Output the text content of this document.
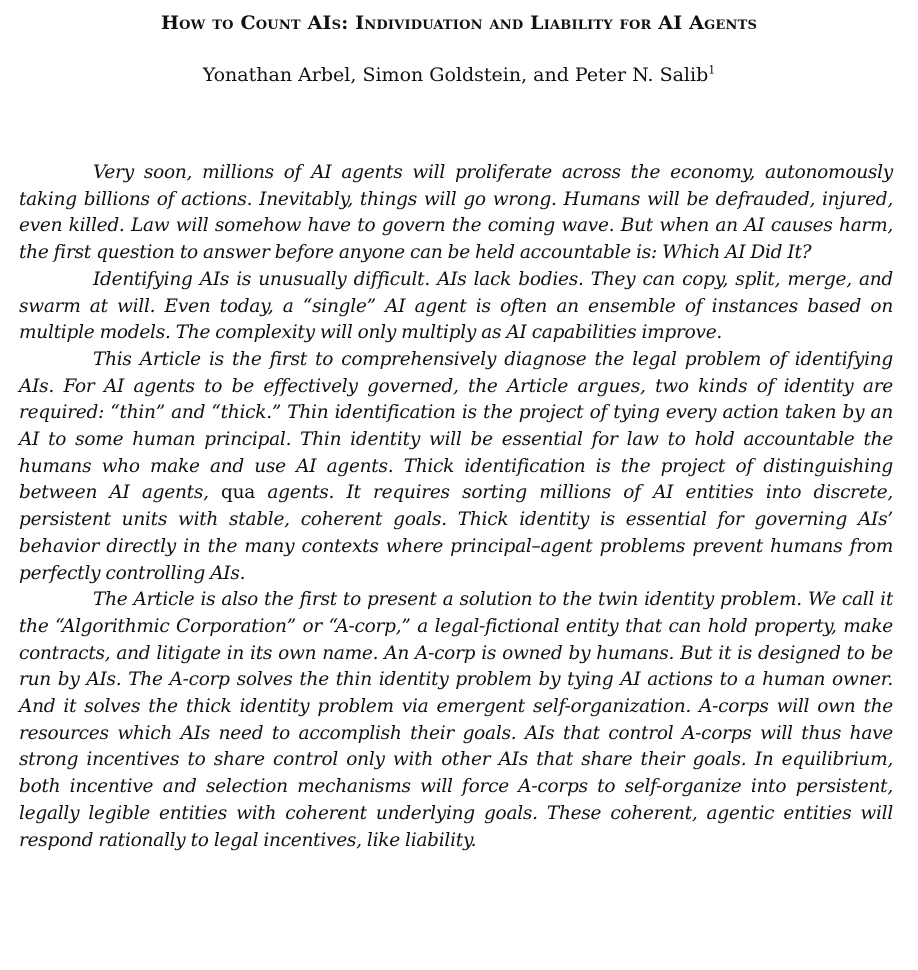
How to Count AIs: Individuation and Liability for AI Agents
Yonathan Arbel, Simon Goldstein, and Peter N. Salib$^1$

Very soon, millions of AI agents will proliferate across the economy, autonomously taking billions of actions. Inevitably, things will go wrong. Humans will be defrauded, injured, even killed. Law will somehow have to govern the coming wave. But when an AI causes harm, the first question to answer before anyone can be held accountable is: Which AI Did It?

Identifying AIs is unusually difficult. AIs lack bodies. They can copy, split, merge, and swarm at will. Even today, a “single” AI agent is often an ensemble of instances based on multiple models. The complexity will only multiply as AI capabilities improve.

This Article is the first to comprehensively diagnose the legal problem of identifying AIs. For AI agents to be effectively governed, the Article argues, two kinds of identity are required: “thin” and “thick.” Thin identification is the project of tying every action taken by an AI to some human principal. Thin identity will be essential for law to hold accountable the humans who make and use AI agents. Thick identification is the project of distinguishing between AI agents, qua agents. It requires sorting millions of AI entities into discrete, persistent units with stable, coherent goals. Thick identity is essential for governing AIs’ behavior directly in the many contexts where principal–agent problems prevent humans from perfectly controlling AIs.

The Article is also the first to present a solution to the twin identity problem. We call it the “Algorithmic Corporation” or “A-corp,” a legal-fictional entity that can hold property, make contracts, and litigate in its own name. An A-corp is owned by humans. But it is designed to be run by AIs. The A-corp solves the thin identity problem by tying AI actions to a human owner. And it solves the thick identity problem via emergent self-organization. A-corps will own the resources which AIs need to accomplish their goals. AIs that control A-corps will thus have strong incentives to share control only with other AIs that share their goals. In equilibrium, both incentive and selection mechanisms will force A-corps to self-organize into persistent, legally legible entities with coherent underlying goals. These coherent, agentic entities will respond rationally to legal incentives, like liability.
